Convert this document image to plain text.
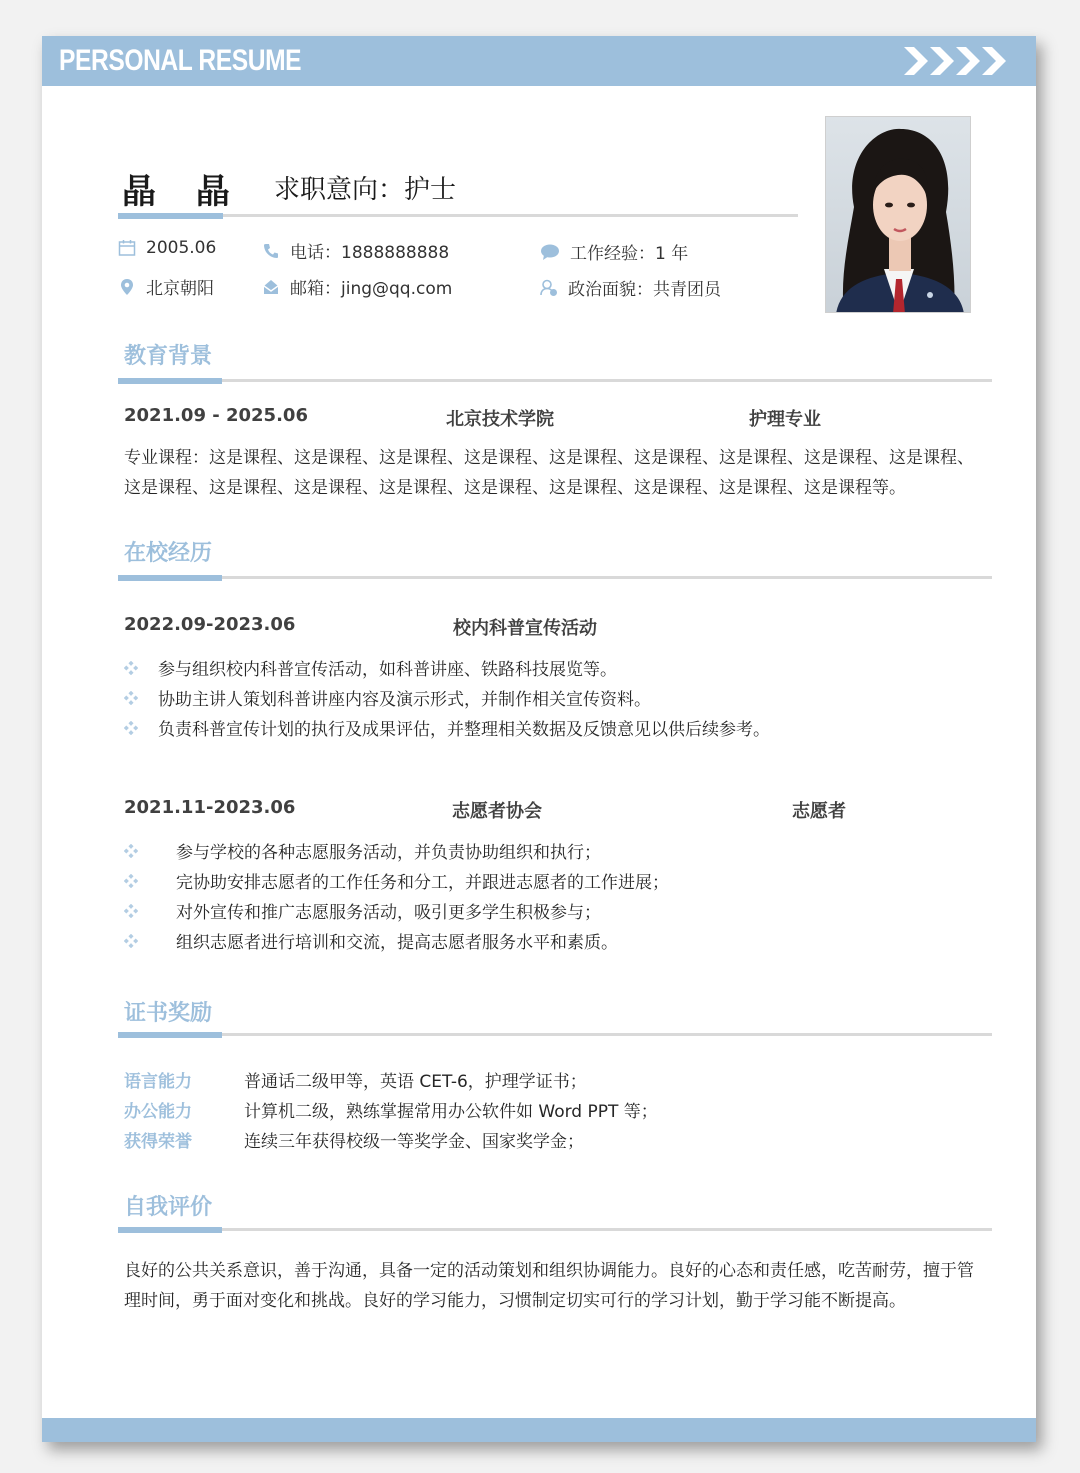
PERSONAL RESUME
晶 晶 求职意向：护士
2005.06
北京朝阳
电话：1888888888
邮箱：jing@qq.com
工作经验：1 年
政治面貌：共青团员
教育背景
2021.09 - 2025.06	北京技术学院	护理专业
专业课程：这是课程、这是课程、这是课程、这是课程、这是课程、这是课程、这是课程、这是课程、这是课程、这是课程、这是课程、这是课程、这是课程、这是课程、这是课程、这是课程、这是课程、这是课程等。
在校经历
2022.09-2023.06	校内科普宣传活动
参与组织校内科普宣传活动，如科普讲座、铁路科技展览等。
协助主讲人策划科普讲座内容及演示形式，并制作相关宣传资料。
负责科普宣传计划的执行及成果评估，并整理相关数据及反馈意见以供后续参考。
2021.11-2023.06	志愿者协会	志愿者
参与学校的各种志愿服务活动，并负责协助组织和执行；
完协助安排志愿者的工作任务和分工，并跟进志愿者的工作进展；
对外宣传和推广志愿服务活动，吸引更多学生积极参与；
组织志愿者进行培训和交流，提高志愿者服务水平和素质。
证书奖励
语言能力	普通话二级甲等，英语 CET-6，护理学证书；
办公能力	计算机二级，熟练掌握常用办公软件如 Word PPT 等；
获得荣誉	连续三年获得校级一等奖学金、国家奖学金；
自我评价
良好的公共关系意识，善于沟通，具备一定的活动策划和组织协调能力。良好的心态和责任感，吃苦耐劳，擅于管理时间，勇于面对变化和挑战。良好的学习能力，习惯制定切实可行的学习计划，勤于学习能不断提高。
